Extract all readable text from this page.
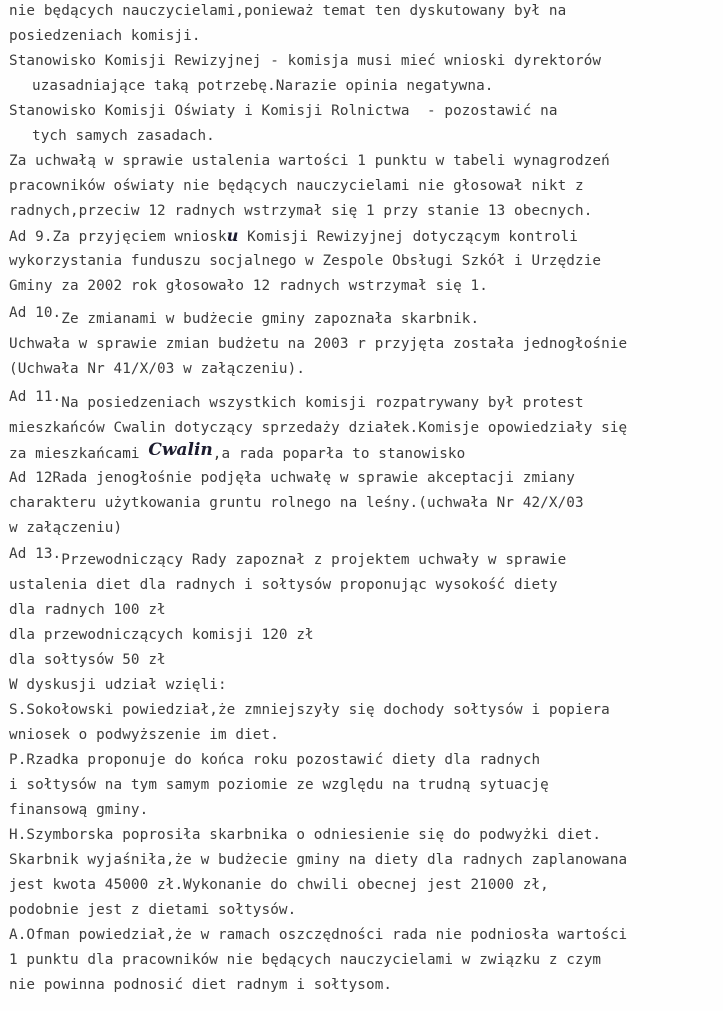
nie będących nauczycielami,ponieważ temat ten dyskutowany był na
posiedzeniach komisji.
Stanowisko Komisji Rewizyjnej - komisja musi mieć wnioski dyrektorów
uzasadniające taką potrzebę.Narazie opinia negatywna.
Stanowisko Komisji Oświaty i Komisji Rolnictwa  - pozostawić na
tych samych zasadach.
Za uchwałą w sprawie ustalenia wartości 1 punktu w tabeli wynagrodzeń
pracowników oświaty nie będących nauczycielami nie głosował nikt z
radnych,przeciw 12 radnych wstrzymał się 1 przy stanie 13 obecnych.
Ad 9.Za przyjęciem wniosku Komisji Rewizyjnej dotyczącym kontroli
wykorzystania funduszu socjalnego w Zespole Obsługi Szkół i Urzędzie
Gminy za 2002 rok głosowało 12 radnych wstrzymał się 1.
Ad 10.Ze zmianami w budżecie gminy zapoznała skarbnik.
Uchwała w sprawie zmian budżetu na 2003 r przyjęta została jednogłośnie
(Uchwała Nr 41/X/03 w załączeniu).
Ad 11.Na posiedzeniach wszystkich komisji rozpatrywany był protest
mieszkańców Cwalin dotyczący sprzedaży działek.Komisje opowiedziały się
za mieszkańcami Cwalin,a rada poparła to stanowisko
Ad 12Rada jenogłośnie podjęła uchwałę w sprawie akceptacji zmiany
charakteru użytkowania gruntu rolnego na leśny.(uchwała Nr 42/X/03
w załączeniu)
Ad 13.Przewodniczący Rady zapoznał z projektem uchwały w sprawie
ustalenia diet dla radnych i sołtysów proponując wysokość diety
dla radnych 100 zł
dla przewodniczących komisji 120 zł
dla sołtysów 50 zł
W dyskusji udział wzięli:
S.Sokołowski powiedział,że zmniejszyły się dochody sołtysów i popiera
wniosek o podwyższenie im diet.
P.Rzadka proponuje do końca roku pozostawić diety dla radnych
i sołtysów na tym samym poziomie ze względu na trudną sytuację
finansową gminy.
H.Szymborska poprosiła skarbnika o odniesienie się do podwyżki diet.
Skarbnik wyjaśniła,że w budżecie gminy na diety dla radnych zaplanowana
jest kwota 45000 zł.Wykonanie do chwili obecnej jest 21000 zł,
podobnie jest z dietami sołtysów.
A.Ofman powiedział,że w ramach oszczędności rada nie podniosła wartości
1 punktu dla pracowników nie będących nauczycielami w związku z czym
nie powinna podnosić diet radnym i sołtysom.
